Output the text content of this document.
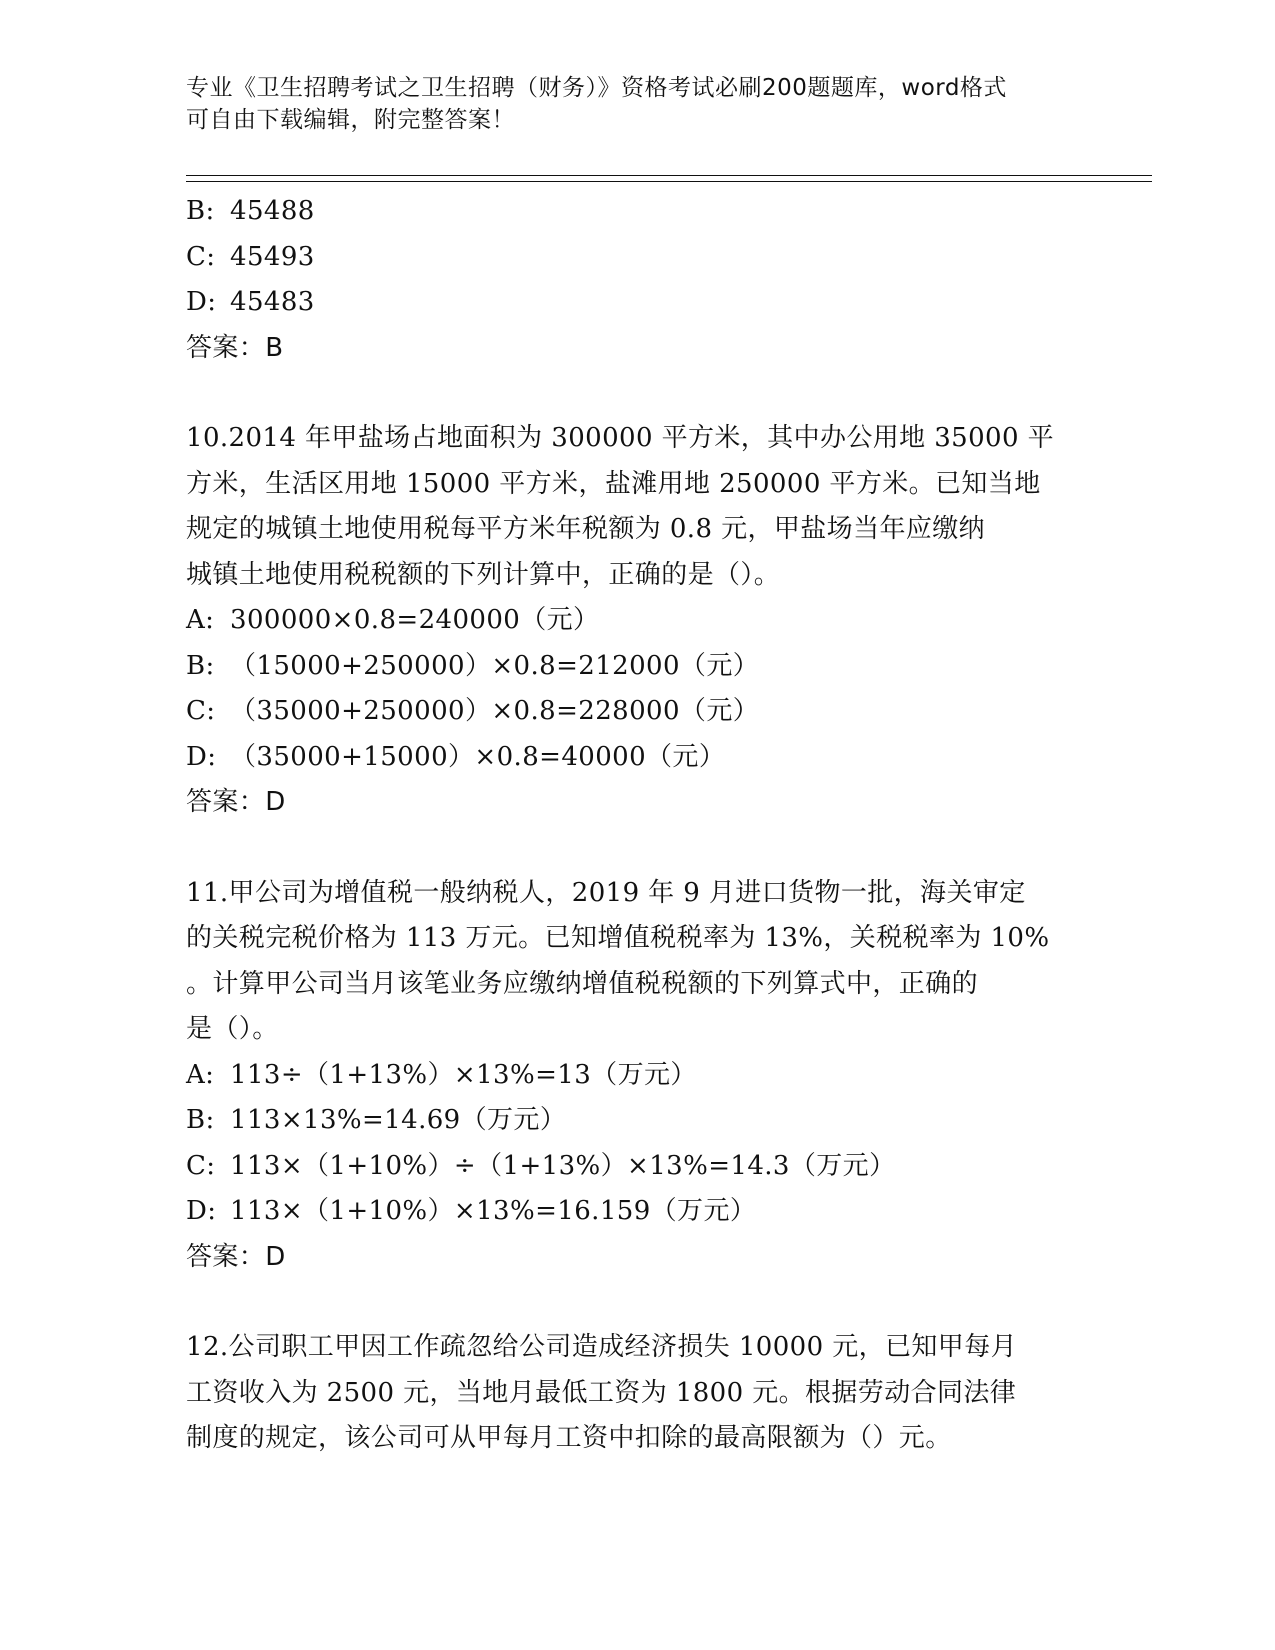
专业《卫生招聘考试之卫生招聘（财务）》资格考试必刷200题题库，word格式
可自由下载编辑，附完整答案！
B: 45488
C: 45493
D: 45483
答案：B
10.2014 年甲盐场占地面积为 300000 平方米，其中办公用地 35000 平
方米，生活区用地 15000 平方米，盐滩用地 250000 平方米。已知当地
规定的城镇土地使用税每平方米年税额为 0.8 元，甲盐场当年应缴纳
城镇土地使用税税额的下列计算中，正确的是（）。
A: 300000×0.8=240000（元）
B: （15000+250000）×0.8=212000（元）
C: （35000+250000）×0.8=228000（元）
D: （35000+15000）×0.8=40000（元）
答案：D
11.甲公司为增值税一般纳税人，2019 年 9 月进口货物一批，海关审定
的关税完税价格为 113 万元。已知增值税税率为 13%，关税税率为 10%
。计算甲公司当月该笔业务应缴纳增值税税额的下列算式中，正确的
是（）。
A: 113÷（1+13%）×13%=13（万元）
B: 113×13%=14.69（万元）
C: 113×（1+10%）÷（1+13%）×13%=14.3（万元）
D: 113×（1+10%）×13%=16.159（万元）
答案：D
12.公司职工甲因工作疏忽给公司造成经济损失 10000 元，已知甲每月
工资收入为 2500 元，当地月最低工资为 1800 元。根据劳动合同法律
制度的规定，该公司可从甲每月工资中扣除的最高限额为（）元。
